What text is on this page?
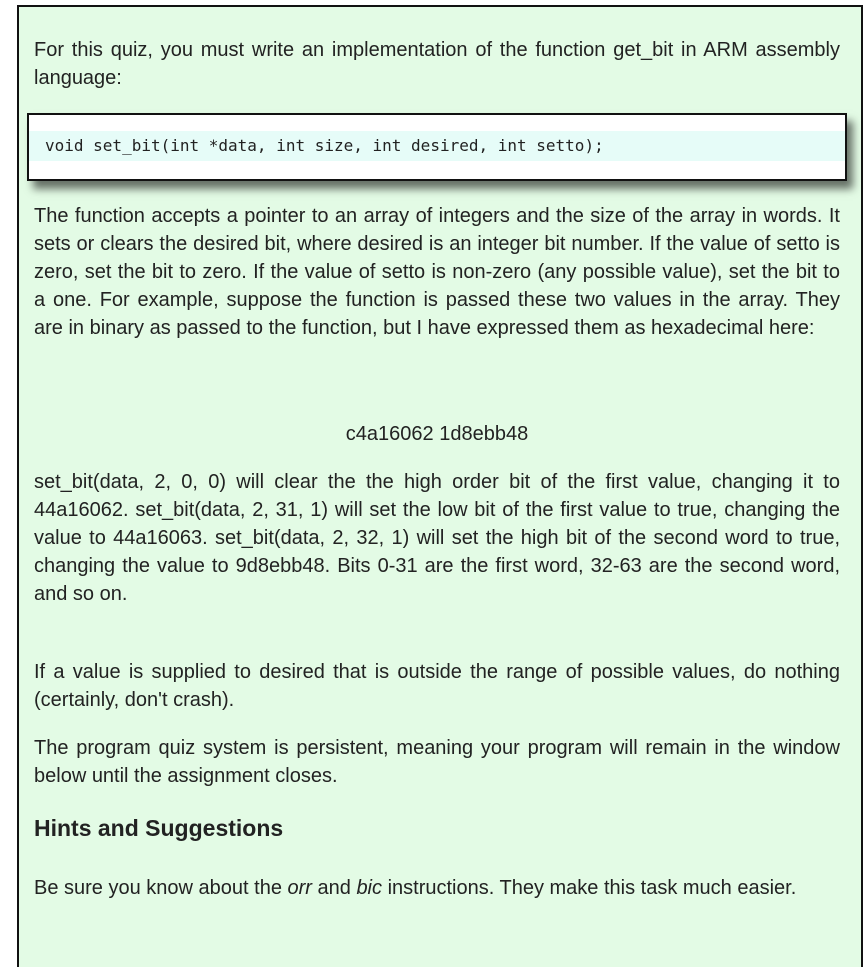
For this quiz, you must write an implementation of the function get_bit in ARM assembly language:

void set_bit(int *data, int size, int desired, int setto);

The function accepts a pointer to an array of integers and the size of the array in words. It sets or clears the desired bit, where desired is an integer bit number. If the value of setto is zero, set the bit to zero. If the value of setto is non-zero (any possible value), set the bit to a one. For example, suppose the function is passed these two values in the array. They are in binary as passed to the function, but I have expressed them as hexadecimal here:

c4a16062 1d8ebb48

set_bit(data, 2, 0, 0) will clear the the high order bit of the first value, changing it to 44a16062. set_bit(data, 2, 31, 1) will set the low bit of the first value to true, changing the value to 44a16063. set_bit(data, 2, 32, 1) will set the high bit of the second word to true, changing the value to 9d8ebb48. Bits 0-31 are the first word, 32-63 are the second word, and so on.

If a value is supplied to desired that is outside the range of possible values, do nothing (certainly, don't crash).

The program quiz system is persistent, meaning your program will remain in the window below until the assignment closes.

Hints and Suggestions

Be sure you know about the orr and bic instructions. They make this task much easier.
